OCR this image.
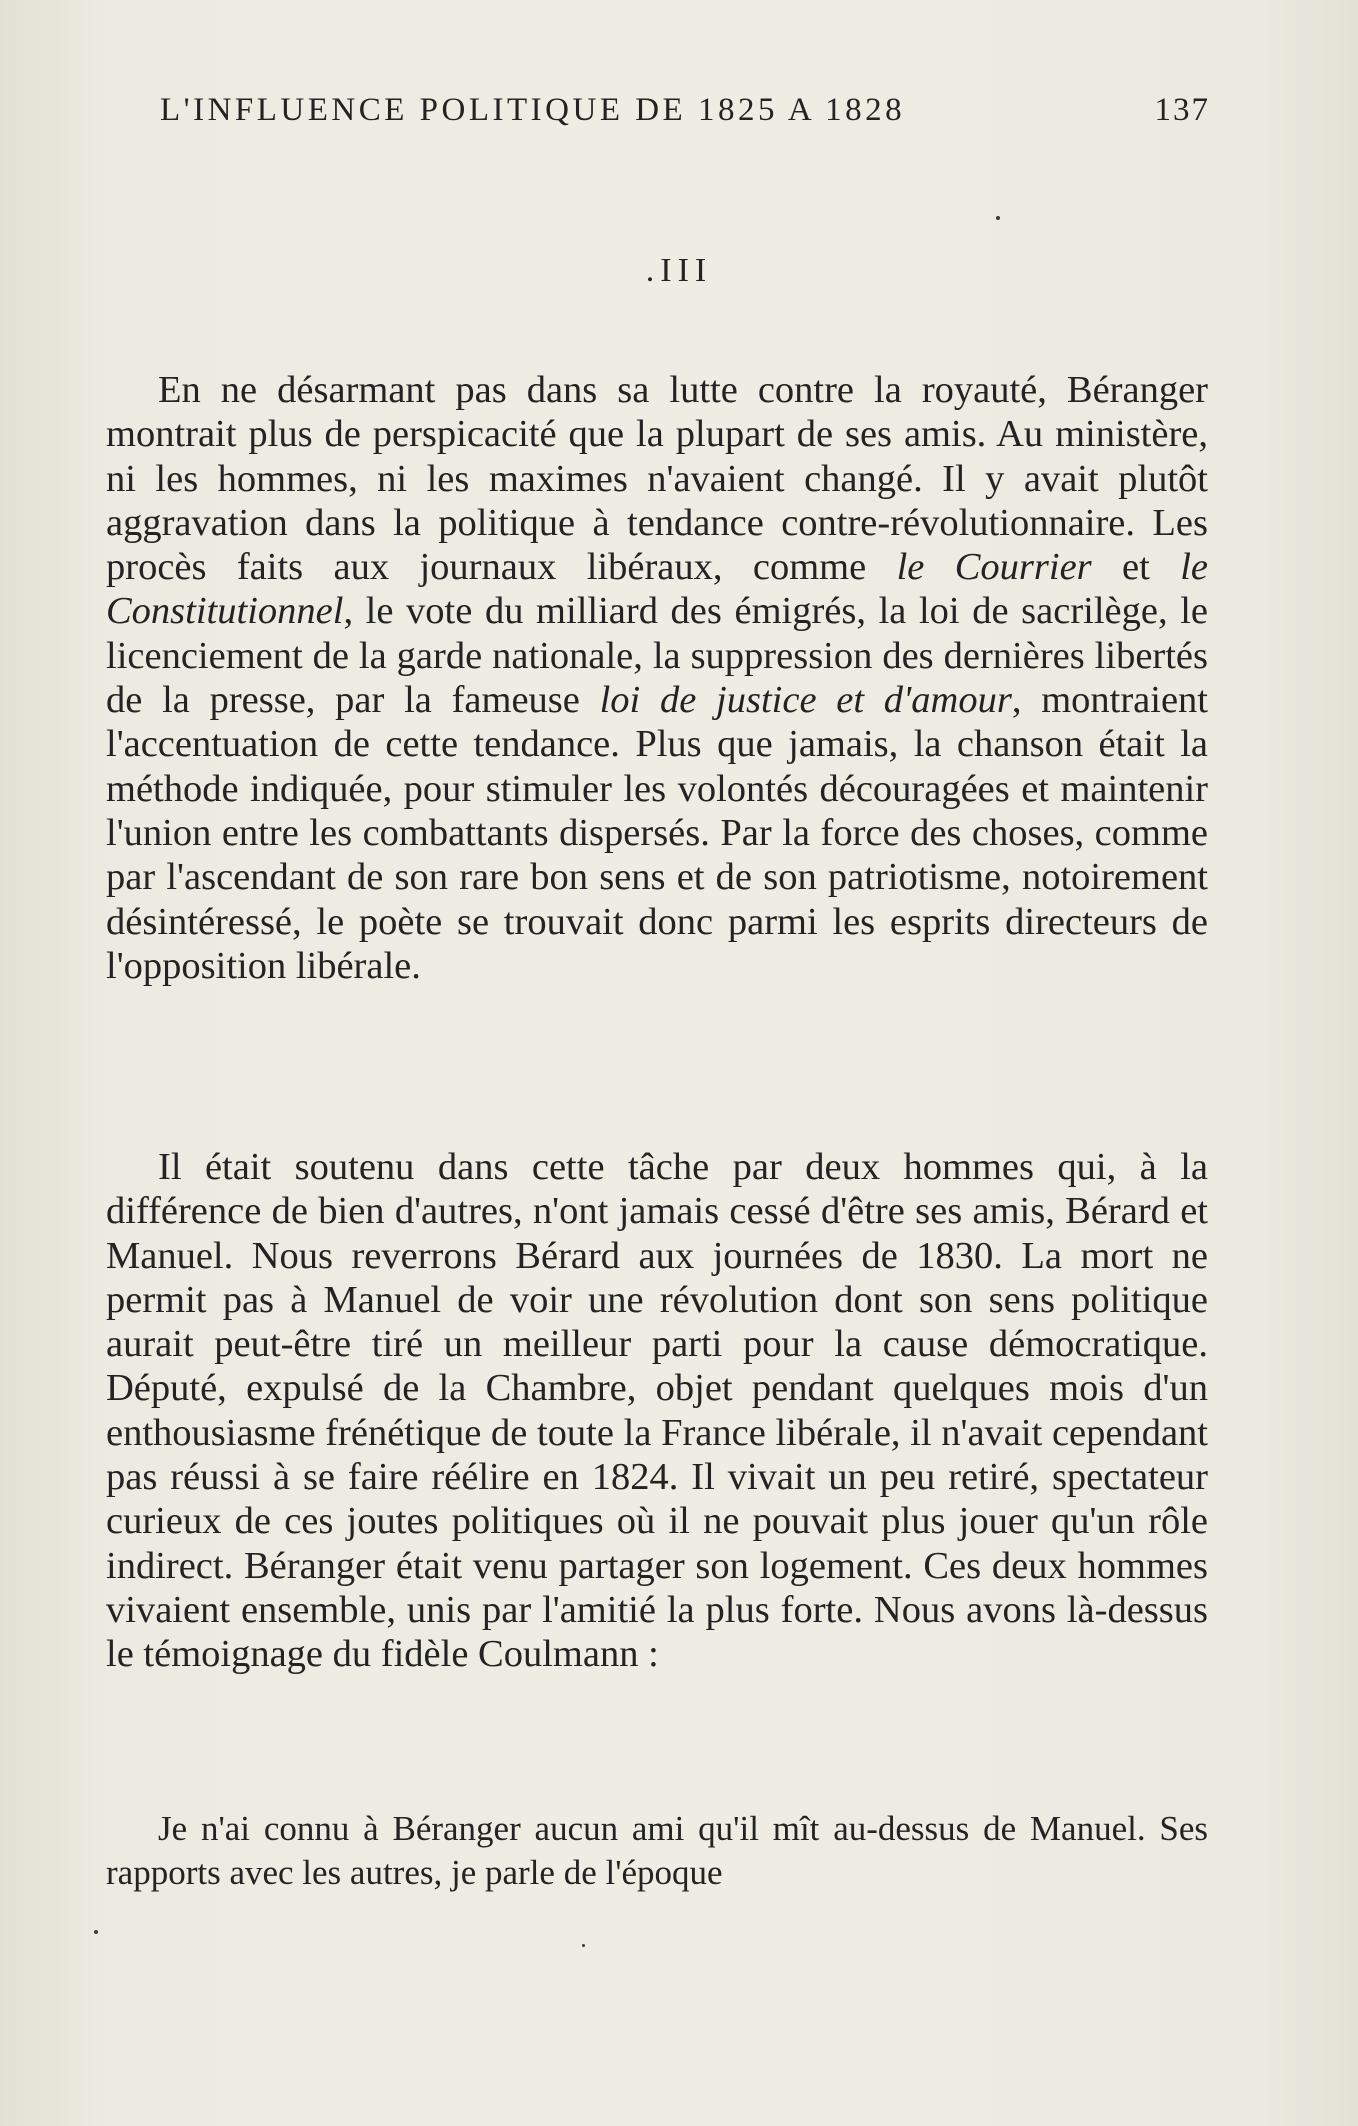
L'INFLUENCE POLITIQUE DE 1825 A 1828	137
.III

En ne désarmant pas dans sa lutte contre la royauté, Béranger montrait plus de perspicacité que la plupart de ses amis. Au ministère, ni les hommes, ni les maximes n'avaient changé. Il y avait plutôt aggravation dans la politique à tendance contre-révolutionnaire. Les procès faits aux journaux libéraux, comme le Courrier et le Constitutionnel, le vote du milliard des émigrés, la loi de sacrilège, le licenciement de la garde nationale, la suppression des dernières libertés de la presse, par la fameuse loi de justice et d'amour, montraient l'accentuation de cette tendance. Plus que jamais, la chanson était la méthode indiquée, pour stimuler les volontés découragées et maintenir l'union entre les combattants dispersés. Par la force des choses, comme par l'ascendant de son rare bon sens et de son patriotisme, notoirement désintéressé, le poète se trouvait donc parmi les esprits directeurs de l'opposition libérale.

Il était soutenu dans cette tâche par deux hommes qui, à la différence de bien d'autres, n'ont jamais cessé d'être ses amis, Bérard et Manuel. Nous reverrons Bérard aux journées de 1830. La mort ne permit pas à Manuel de voir une révolution dont son sens politique aurait peut-être tiré un meilleur parti pour la cause démocratique. Député, expulsé de la Chambre, objet pendant quelques mois d'un enthousiasme frénétique de toute la France libérale, il n'avait cependant pas réussi à se faire réélire en 1824. Il vivait un peu retiré, spectateur curieux de ces joutes politiques où il ne pouvait plus jouer qu'un rôle indirect. Béranger était venu partager son logement. Ces deux hommes vivaient ensemble, unis par l'amitié la plus forte. Nous avons là-dessus le témoignage du fidèle Coulmann :

Je n'ai connu à Béranger aucun ami qu'il mît au-dessus de Manuel. Ses rapports avec les autres, je parle de l'époque
